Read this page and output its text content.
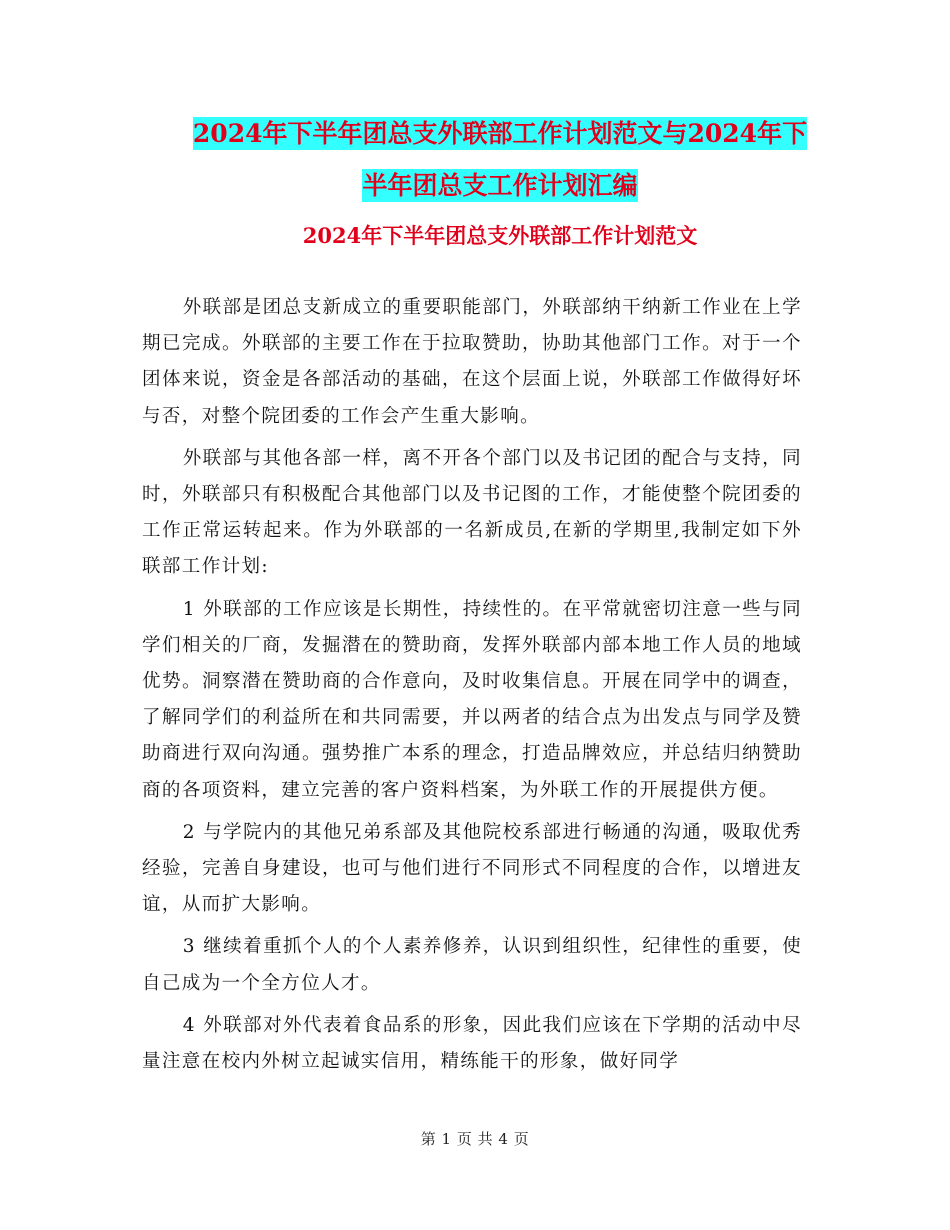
2024年下半年团总支外联部工作计划范文与2024年下
半年团总支工作计划汇编
2024年下半年团总支外联部工作计划范文

外联部是团总支新成立的重要职能部门，外联部纳干纳新工作业在上学期已完成。外联部的主要工作在于拉取赞助，协助其他部门工作。对于一个团体来说，资金是各部活动的基础，在这个层面上说，外联部工作做得好坏与否，对整个院团委的工作会产生重大影响。

外联部与其他各部一样，离不开各个部门以及书记团的配合与支持，同时，外联部只有积极配合其他部门以及书记图的工作，才能使整个院团委的工作正常运转起来。作为外联部的一名新成员,在新的学期里,我制定如下外联部工作计划:

1 外联部的工作应该是长期性，持续性的。在平常就密切注意一些与同学们相关的厂商，发掘潜在的赞助商，发挥外联部内部本地工作人员的地域优势。洞察潜在赞助商的合作意向，及时收集信息。开展在同学中的调查，了解同学们的利益所在和共同需要，并以两者的结合点为出发点与同学及赞助商进行双向沟通。强势推广本系的理念，打造品牌效应，并总结归纳赞助商的各项资料，建立完善的客户资料档案，为外联工作的开展提供方便。

2 与学院内的其他兄弟系部及其他院校系部进行畅通的沟通，吸取优秀经验，完善自身建设，也可与他们进行不同形式不同程度的合作，以增进友谊，从而扩大影响。

3 继续着重抓个人的个人素养修养，认识到组织性，纪律性的重要，使自己成为一个全方位人才。

4 外联部对外代表着食品系的形象，因此我们应该在下学期的活动中尽量注意在校内外树立起诚实信用，精练能干的形象，做好同学

第 1 页 共 4 页
